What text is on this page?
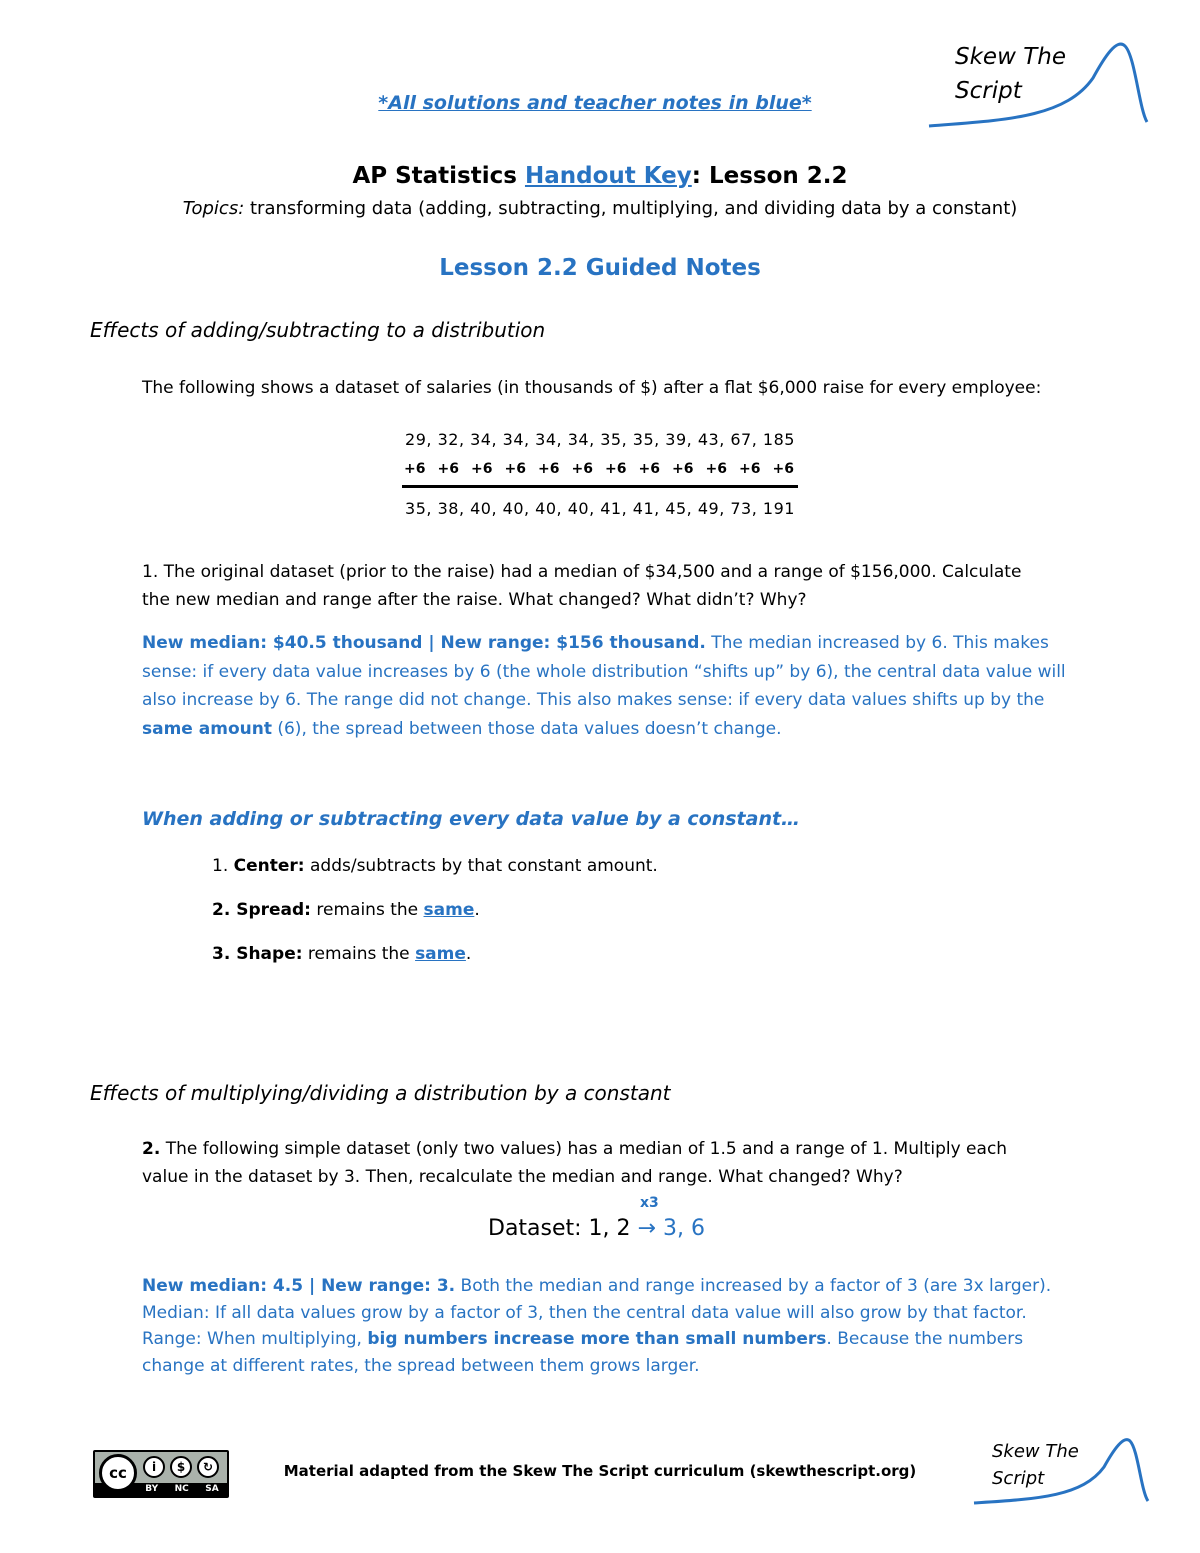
Skew The
Script
*All solutions and teacher notes in blue*
AP Statistics Handout Key: Lesson 2.2
Topics: transforming data (adding, subtracting, multiplying, and dividing data by a constant)
Lesson 2.2 Guided Notes
Effects of adding/subtracting to a distribution
The following shows a dataset of salaries (in thousands of $) after a flat $6,000 raise for every employee:
29, 32, 34, 34, 34, 34, 35, 35, 39, 43, 67, 185
+6 +6 +6 +6 +6 +6 +6 +6 +6 +6 +6 +6
35, 38, 40, 40, 40, 40, 41, 41, 45, 49, 73, 191
1. The original dataset (prior to the raise) had a median of $34,500 and a range of $156,000. Calculate
the new median and range after the raise. What changed? What didn’t? Why?
New median: $40.5 thousand | New range: $156 thousand. The median increased by 6. This makes sense: if every data value increases by 6 (the whole distribution “shifts up” by 6), the central data value will also increase by 6. The range did not change. This also makes sense: if every data values shifts up by the same amount (6), the spread between those data values doesn’t change.
When adding or subtracting every data value by a constant…
1. Center: adds/subtracts by that constant amount.
2. Spread: remains the same.
3. Shape: remains the same.
Effects of multiplying/dividing a distribution by a constant
2. The following simple dataset (only two values) has a median of 1.5 and a range of 1. Multiply each
value in the dataset by 3. Then, recalculate the median and range. What changed? Why?
x3
Dataset: 1, 2 → 3, 6
New median: 4.5 | New range: 3. Both the median and range increased by a factor of 3 (are 3x larger).
Median: If all data values grow by a factor of 3, then the central data value will also grow by that factor.
Range: When multiplying, big numbers increase more than small numbers. Because the numbers change at different rates, the spread between them grows larger.
cc	i	$	↻
BY NC SA
Material adapted from the Skew The Script curriculum (skewthescript.org)
Skew The
Script
